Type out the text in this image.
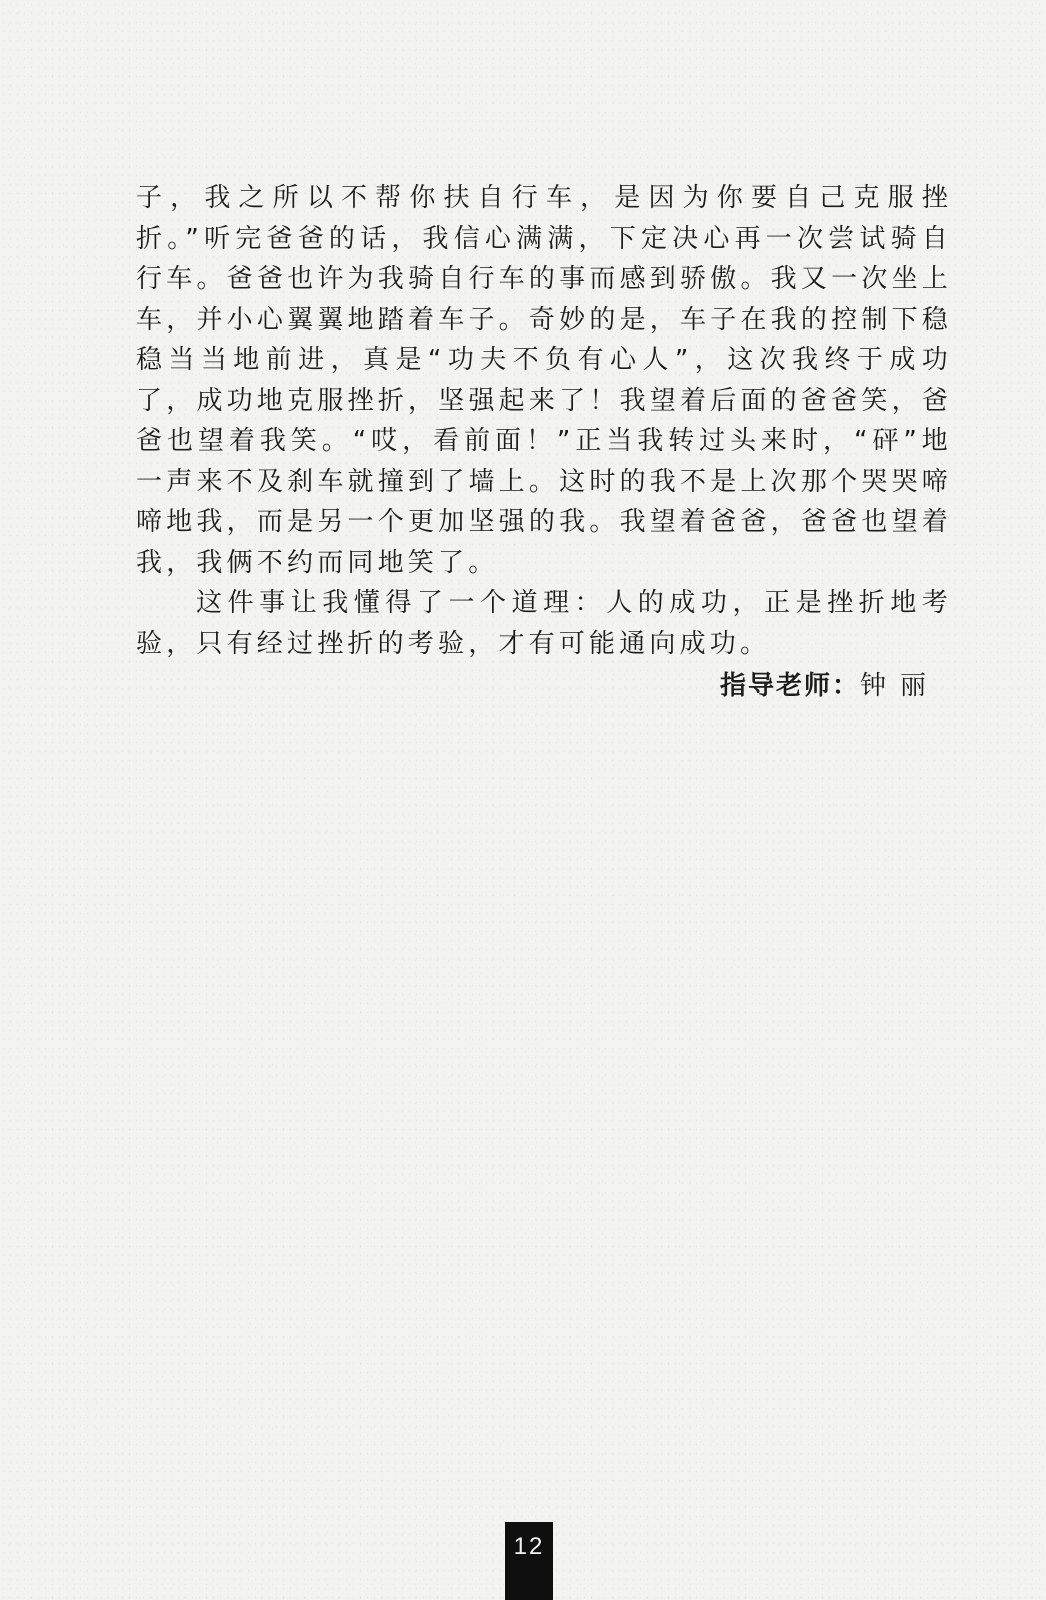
子，我之所以不帮你扶自行车，是因为你要自己克服挫折。”听完爸爸的话，我信心满满，下定决心再一次尝试骑自行车。爸爸也许为我骑自行车的事而感到骄傲。我又一次坐上车，并小心翼翼地踏着车子。奇妙的是，车子在我的控制下稳稳当当地前进，真是“功夫不负有心人”，这次我终于成功了，成功地克服挫折，坚强起来了！我望着后面的爸爸笑，爸爸也望着我笑。“哎，看前面！”正当我转过头来时，“砰”地一声来不及刹车就撞到了墙上。这时的我不是上次那个哭哭啼啼地我，而是另一个更加坚强的我。我望着爸爸，爸爸也望着我，我俩不约而同地笑了。

这件事让我懂得了一个道理：人的成功，正是挫折地考验，只有经过挫折的考验，才有可能通向成功。

指导老师：钟丽
12
